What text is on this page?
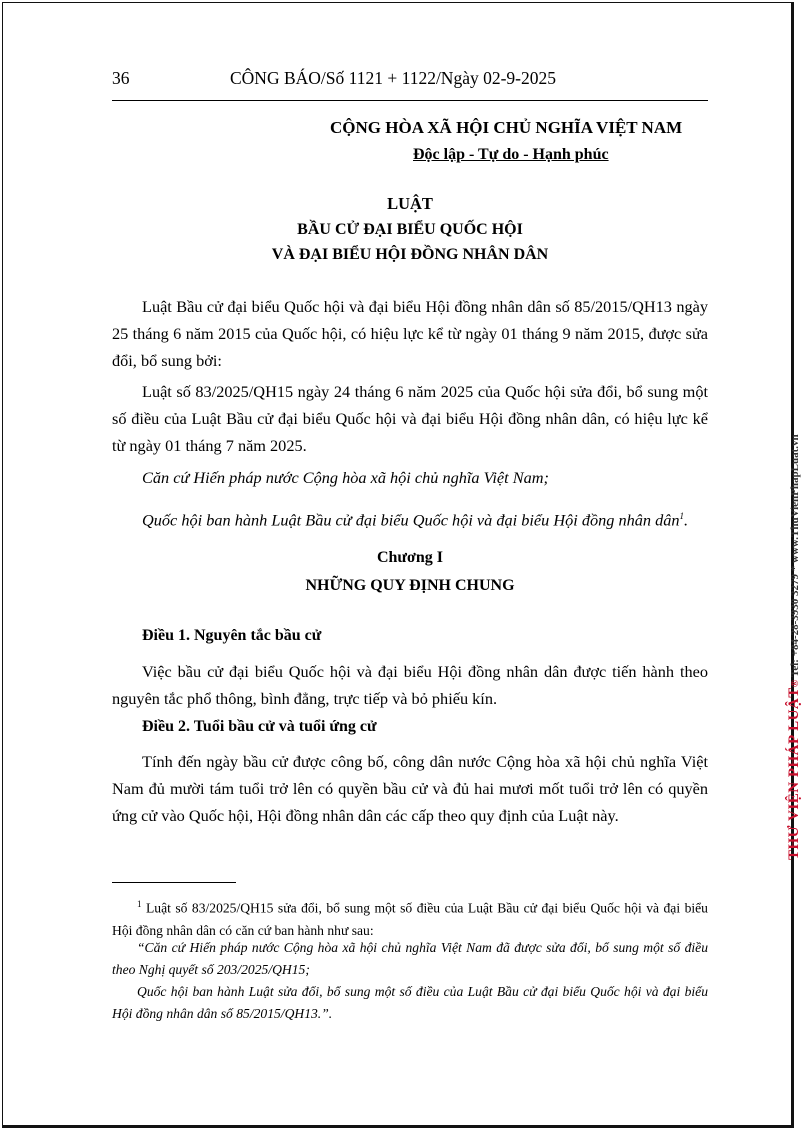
36	CÔNG BÁO/Số 1121 + 1122/Ngày 02-9-2025
CỘNG HÒA XÃ HỘI CHỦ NGHĨA VIỆT NAM
Độc lập - Tự do - Hạnh phúc
LUẬT
BẦU CỬ ĐẠI BIỂU QUỐC HỘI
VÀ ĐẠI BIỂU HỘI ĐỒNG NHÂN DÂN

Luật Bầu cử đại biểu Quốc hội và đại biểu Hội đồng nhân dân số 85/2015/QH13 ngày 25 tháng 6 năm 2015 của Quốc hội, có hiệu lực kể từ ngày 01 tháng 9 năm 2015, được sửa đổi, bổ sung bởi:

Luật số 83/2025/QH15 ngày 24 tháng 6 năm 2025 của Quốc hội sửa đổi, bổ sung một số điều của Luật Bầu cử đại biểu Quốc hội và đại biểu Hội đồng nhân dân, có hiệu lực kể từ ngày 01 tháng 7 năm 2025.

Căn cứ Hiến pháp nước Cộng hòa xã hội chủ nghĩa Việt Nam;

Quốc hội ban hành Luật Bầu cử đại biểu Quốc hội và đại biểu Hội đồng nhân dân$^1$.

Chương I
NHỮNG QUY ĐỊNH CHUNG
Điều 1. Nguyên tắc bầu cử

Việc bầu cử đại biểu Quốc hội và đại biểu Hội đồng nhân dân được tiến hành theo nguyên tắc phổ thông, bình đẳng, trực tiếp và bỏ phiếu kín.

Điều 2. Tuổi bầu cử và tuổi ứng cử

Tính đến ngày bầu cử được công bố, công dân nước Cộng hòa xã hội chủ nghĩa Việt Nam đủ mười tám tuổi trở lên có quyền bầu cử và đủ hai mươi mốt tuổi trở lên có quyền ứng cử vào Quốc hội, Hội đồng nhân dân các cấp theo quy định của Luật này.

$^1$ Luật số 83/2025/QH15 sửa đổi, bổ sung một số điều của Luật Bầu cử đại biểu Quốc hội và đại biểu Hội đồng nhân dân có căn cứ ban hành như sau:

“Căn cứ Hiến pháp nước Cộng hòa xã hội chủ nghĩa Việt Nam đã được sửa đổi, bổ sung một số điều theo Nghị quyết số 203/2025/QH15;

Quốc hội ban hành Luật sửa đổi, bổ sung một số điều của Luật Bầu cử đại biểu Quốc hội và đại biểu Hội đồng nhân dân số 85/2015/QH13.”.

THƯ VIỆN PHÁP LUẬT® Tel: +84-28-3930 3279 * www.ThuVienPhapLuat.vn
